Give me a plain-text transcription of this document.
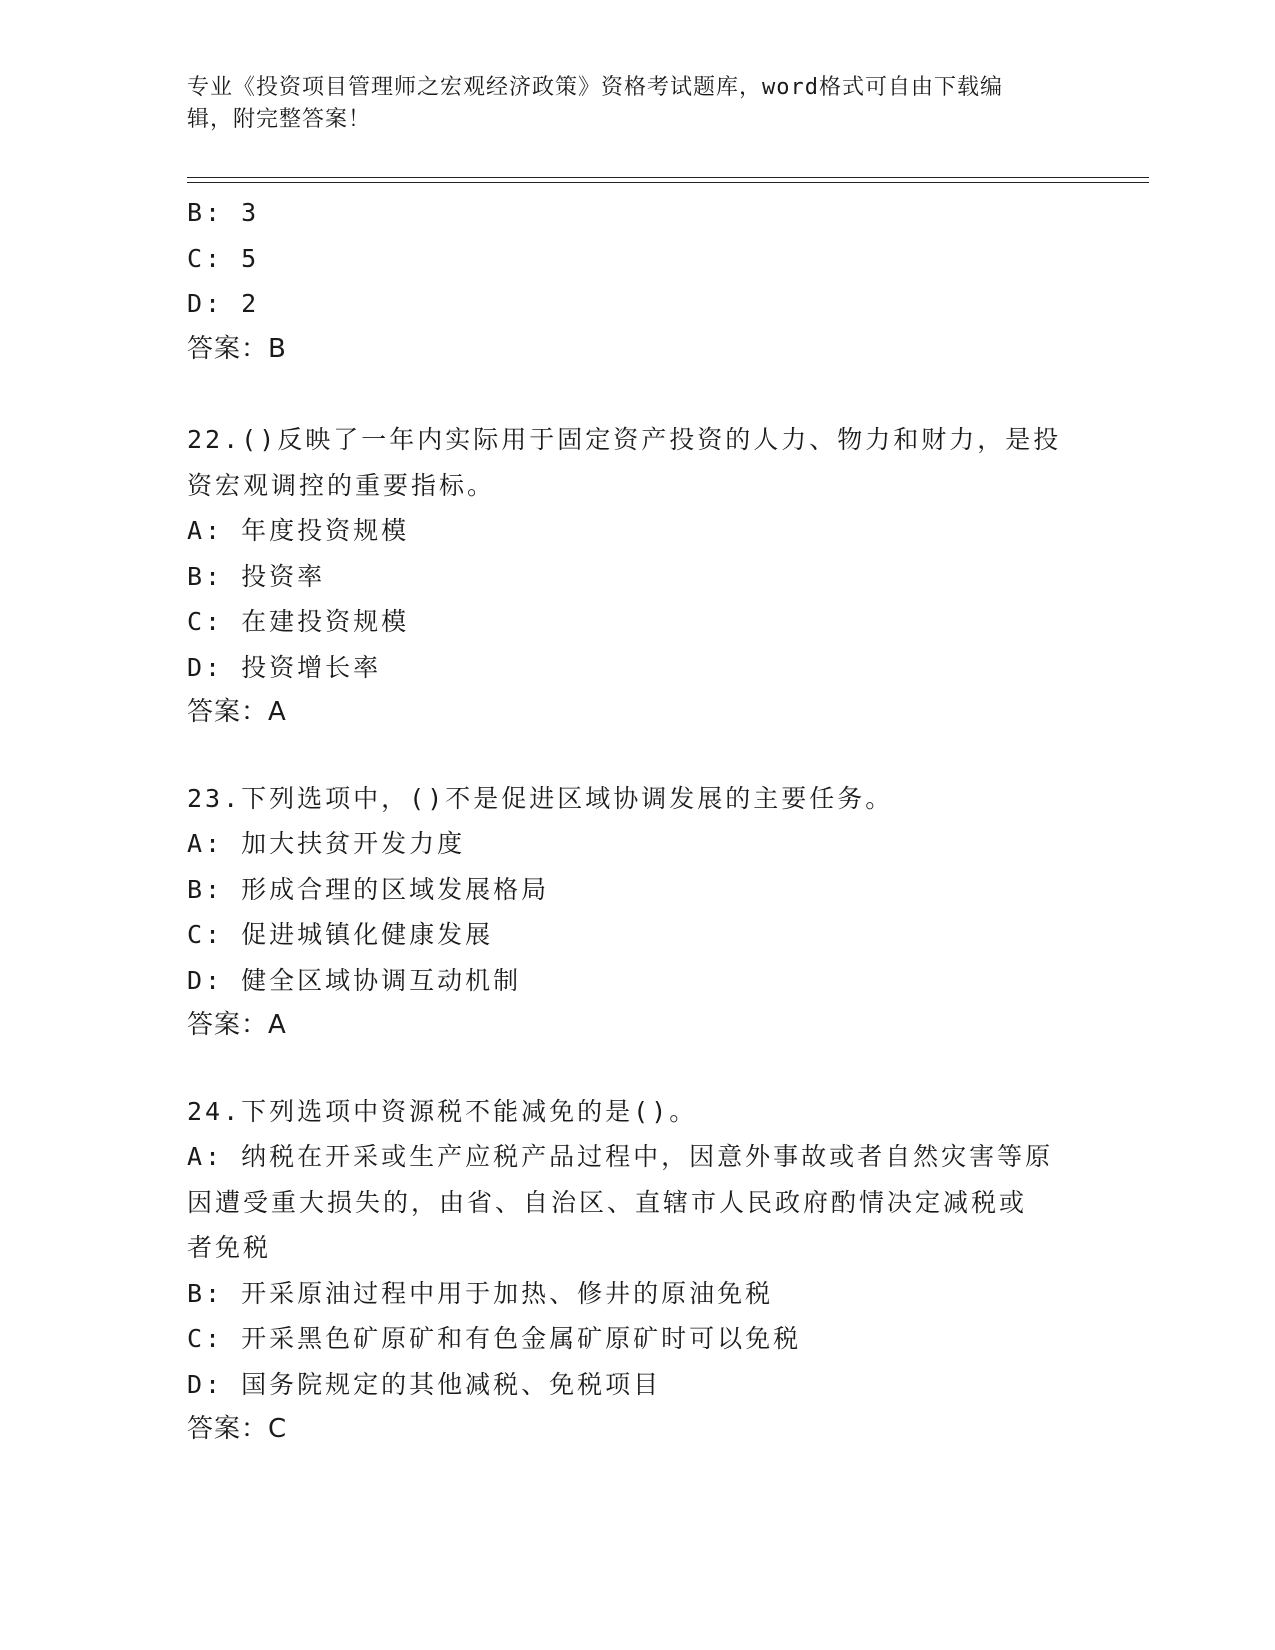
专业《投资项目管理师之宏观经济政策》资格考试题库，word格式可自由下载编
辑，附完整答案！
B: 3
C: 5
D: 2
答案：B
22.()反映了一年内实际用于固定资产投资的人力、物力和财力，是投
资宏观调控的重要指标。
A: 年度投资规模
B: 投资率
C: 在建投资规模
D: 投资增长率
答案：A
23.下列选项中，()不是促进区域协调发展的主要任务。
A: 加大扶贫开发力度
B: 形成合理的区域发展格局
C: 促进城镇化健康发展
D: 健全区域协调互动机制
答案：A
24.下列选项中资源税不能减免的是()。
A: 纳税在开采或生产应税产品过程中，因意外事故或者自然灾害等原
因遭受重大损失的，由省、自治区、直辖市人民政府酌情决定减税或
者免税
B: 开采原油过程中用于加热、修井的原油免税
C: 开采黑色矿原矿和有色金属矿原矿时可以免税
D: 国务院规定的其他减税、免税项目
答案：C
